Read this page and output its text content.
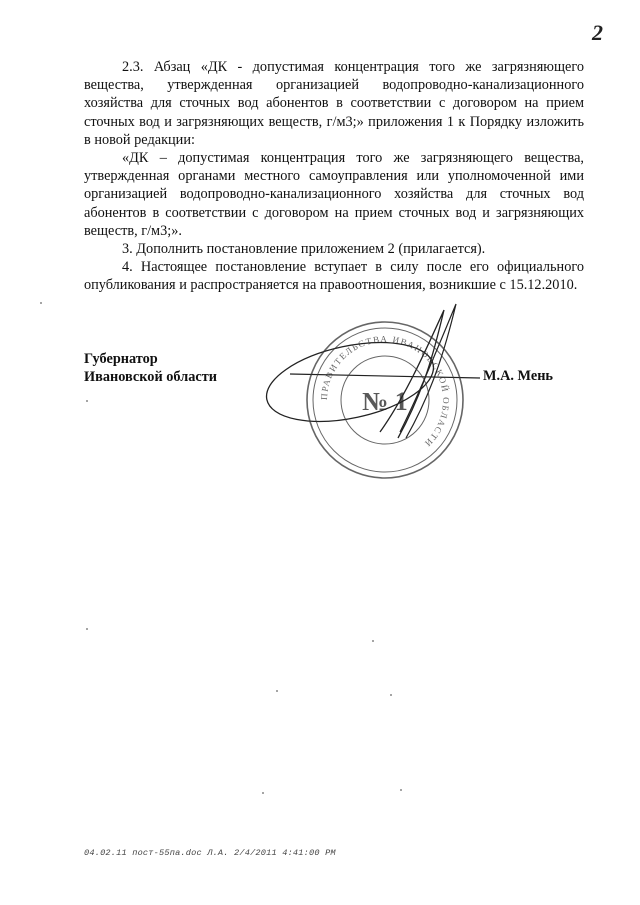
2

2.3. Абзац «ДК - допустимая концентрация того же загрязняющего вещества, утвержденная организацией водопроводно-канализационного хозяйства для сточных вод абонентов в соответствии с договором на прием сточных вод и загрязняющих веществ, г/м3;» приложения 1 к Порядку изложить в новой редакции:

«ДК – допустимая концентрация того же загрязняющего вещества, утвержденная органами местного самоуправления или уполномоченной ими организацией водопроводно-канализационного хозяйства для сточных вод абонентов в соответствии с договором на прием сточных вод и загрязняющих веществ, г/м3;».

3. Дополнить постановление приложением 2 (прилагается).

4. Настоящее постановление вступает в силу после его официального опубликования и распространяется на правоотношения, возникшие с 15.12.2010.

Губернатор
Ивановской области
ПРАВИТЕЛЬСТВА ИВАНОВСКОЙ ОБЛАСТИ
№ 1
М.А. Мень
04.02.11 пост-55па.doc Л.А. 2/4/2011 4:41:00 PM
